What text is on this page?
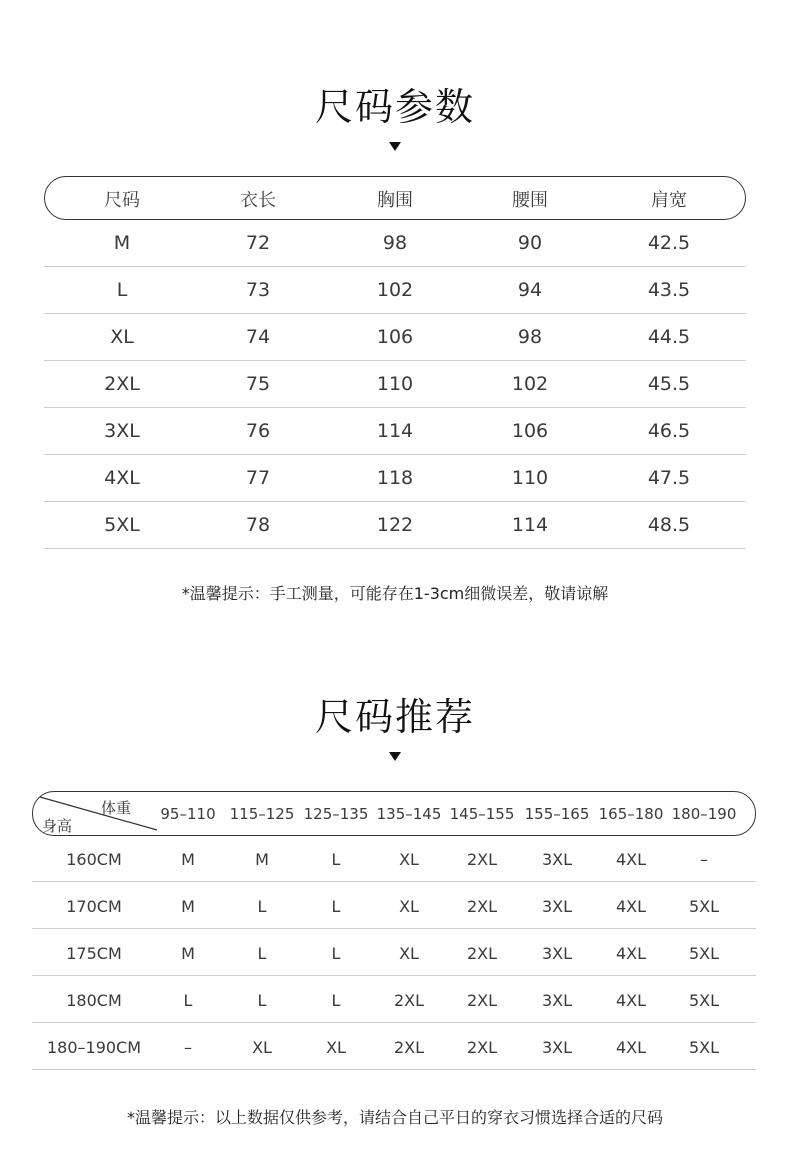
尺码参数
尺码	衣长	胸围	腰围	肩宽
M	72	98	90	42.5
L	73	102	94	43.5
XL	74	106	98	44.5
2XL	75	110	102	45.5
3XL	76	114	106	46.5
4XL	77	118	110	47.5
5XL	78	122	114	48.5
*温馨提示：手工测量，可能存在1-3cm细微误差，敬请谅解
尺码推荐
体重
身高
95–110 115–125 125–135 135–145 145–155 155–165 165–180 180–190
160CM	M	M	L	XL	2XL	3XL	4XL	–
170CM	M	L	L	XL	2XL	3XL	4XL	5XL
175CM	M	L	L	XL	2XL	3XL	4XL	5XL
180CM	L	L	L	2XL	2XL	3XL	4XL	5XL
180–190CM	–	XL	XL	2XL	2XL	3XL	4XL	5XL
*温馨提示：以上数据仅供参考，请结合自己平日的穿衣习惯选择合适的尺码
